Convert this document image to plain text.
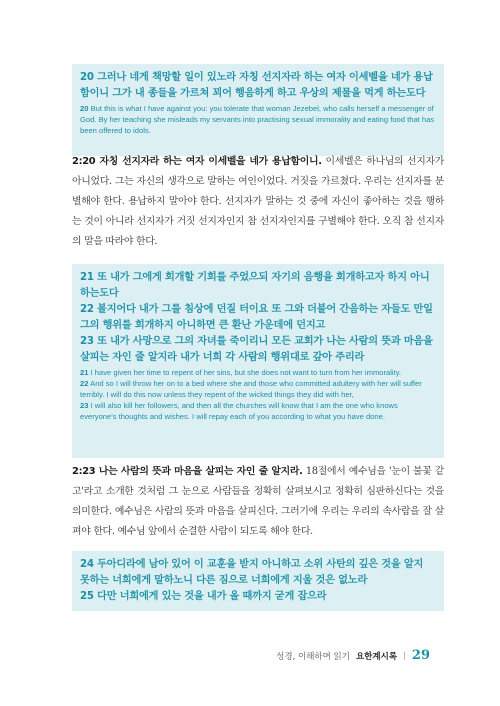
20 그러나 네게 책망할 일이 있노라 자칭 선지자라 하는 여자 이세벨을 네가 용납함이니 그가 내 종들을 가르쳐 꾀어 행음하게 하고 우상의 제물을 먹게 하는도다

20 But this is what I have against you: you tolerate that woman Jezebel, who calls herself a messenger of God. By her teaching she misleads my servants into practising sexual immorality and eating food that has been offered to idols.

2:20 자칭 선지자라 하는 여자 이세벨을 네가 용납함이니. 이세벨은 하나님의 선지자가 아니었다. 그는 자신의 생각으로 말하는 여인이었다. 거짓을 가르쳤다. 우리는 선지자를 분별해야 한다. 용납하지 말아야 한다. 선지자가 말하는 것 중에 자신이 좋아하는 것을 행하는 것이 아니라 선지자가 거짓 선지자인지 참 선지자인지를 구별해야 한다. 오직 참 선지자의 말을 따라야 한다.

21 또 내가 그에게 회개할 기회를 주었으되 자기의 음행을 회개하고자 하지 아니하는도다

22 볼지어다 내가 그를 침상에 던질 터이요 또 그와 더불어 간음하는 자들도 만일 그의 행위를 회개하지 아니하면 큰 환난 가운데에 던지고

23 또 내가 사망으로 그의 자녀를 죽이리니 모든 교회가 나는 사람의 뜻과 마음을 살피는 자인 줄 알지라 내가 너희 각 사람의 행위대로 갚아 주리라

21 I have given her time to repent of her sins, but she does not want to turn from her immorality.

22 And so I will throw her on to a bed where she and those who committed adultery with her will suffer terribly. I will do this now unless they repent of the wicked things they did with her,

23 I will also kill her followers, and then all the churches will know that I am the one who knows everyone's thoughts and wishes. I will repay each of you according to what you have done.

2:23 나는 사람의 뜻과 마음을 살피는 자인 줄 알지라. 18절에서 예수님을 '눈이 불꽃 같고'라고 소개한 것처럼 그 눈으로 사람들을 정확히 살펴보시고 정확히 심판하신다는 것을 의미한다. 예수님은 사람의 뜻과 마음을 살피신다. 그러기에 우리는 우리의 속사람을 잘 살펴야 한다. 예수님 앞에서 순결한 사람이 되도록 해야 한다.

24 두아디라에 남아 있어 이 교훈을 받지 아니하고 소위 사탄의 깊은 것을 알지 못하는 너희에게 말하노니 다른 짐으로 너희에게 지울 것은 없노라

25 다만 너희에게 있는 것을 내가 올 때까지 굳게 잡으라

성경, 이해하며 읽기 요한계시록 | 29
